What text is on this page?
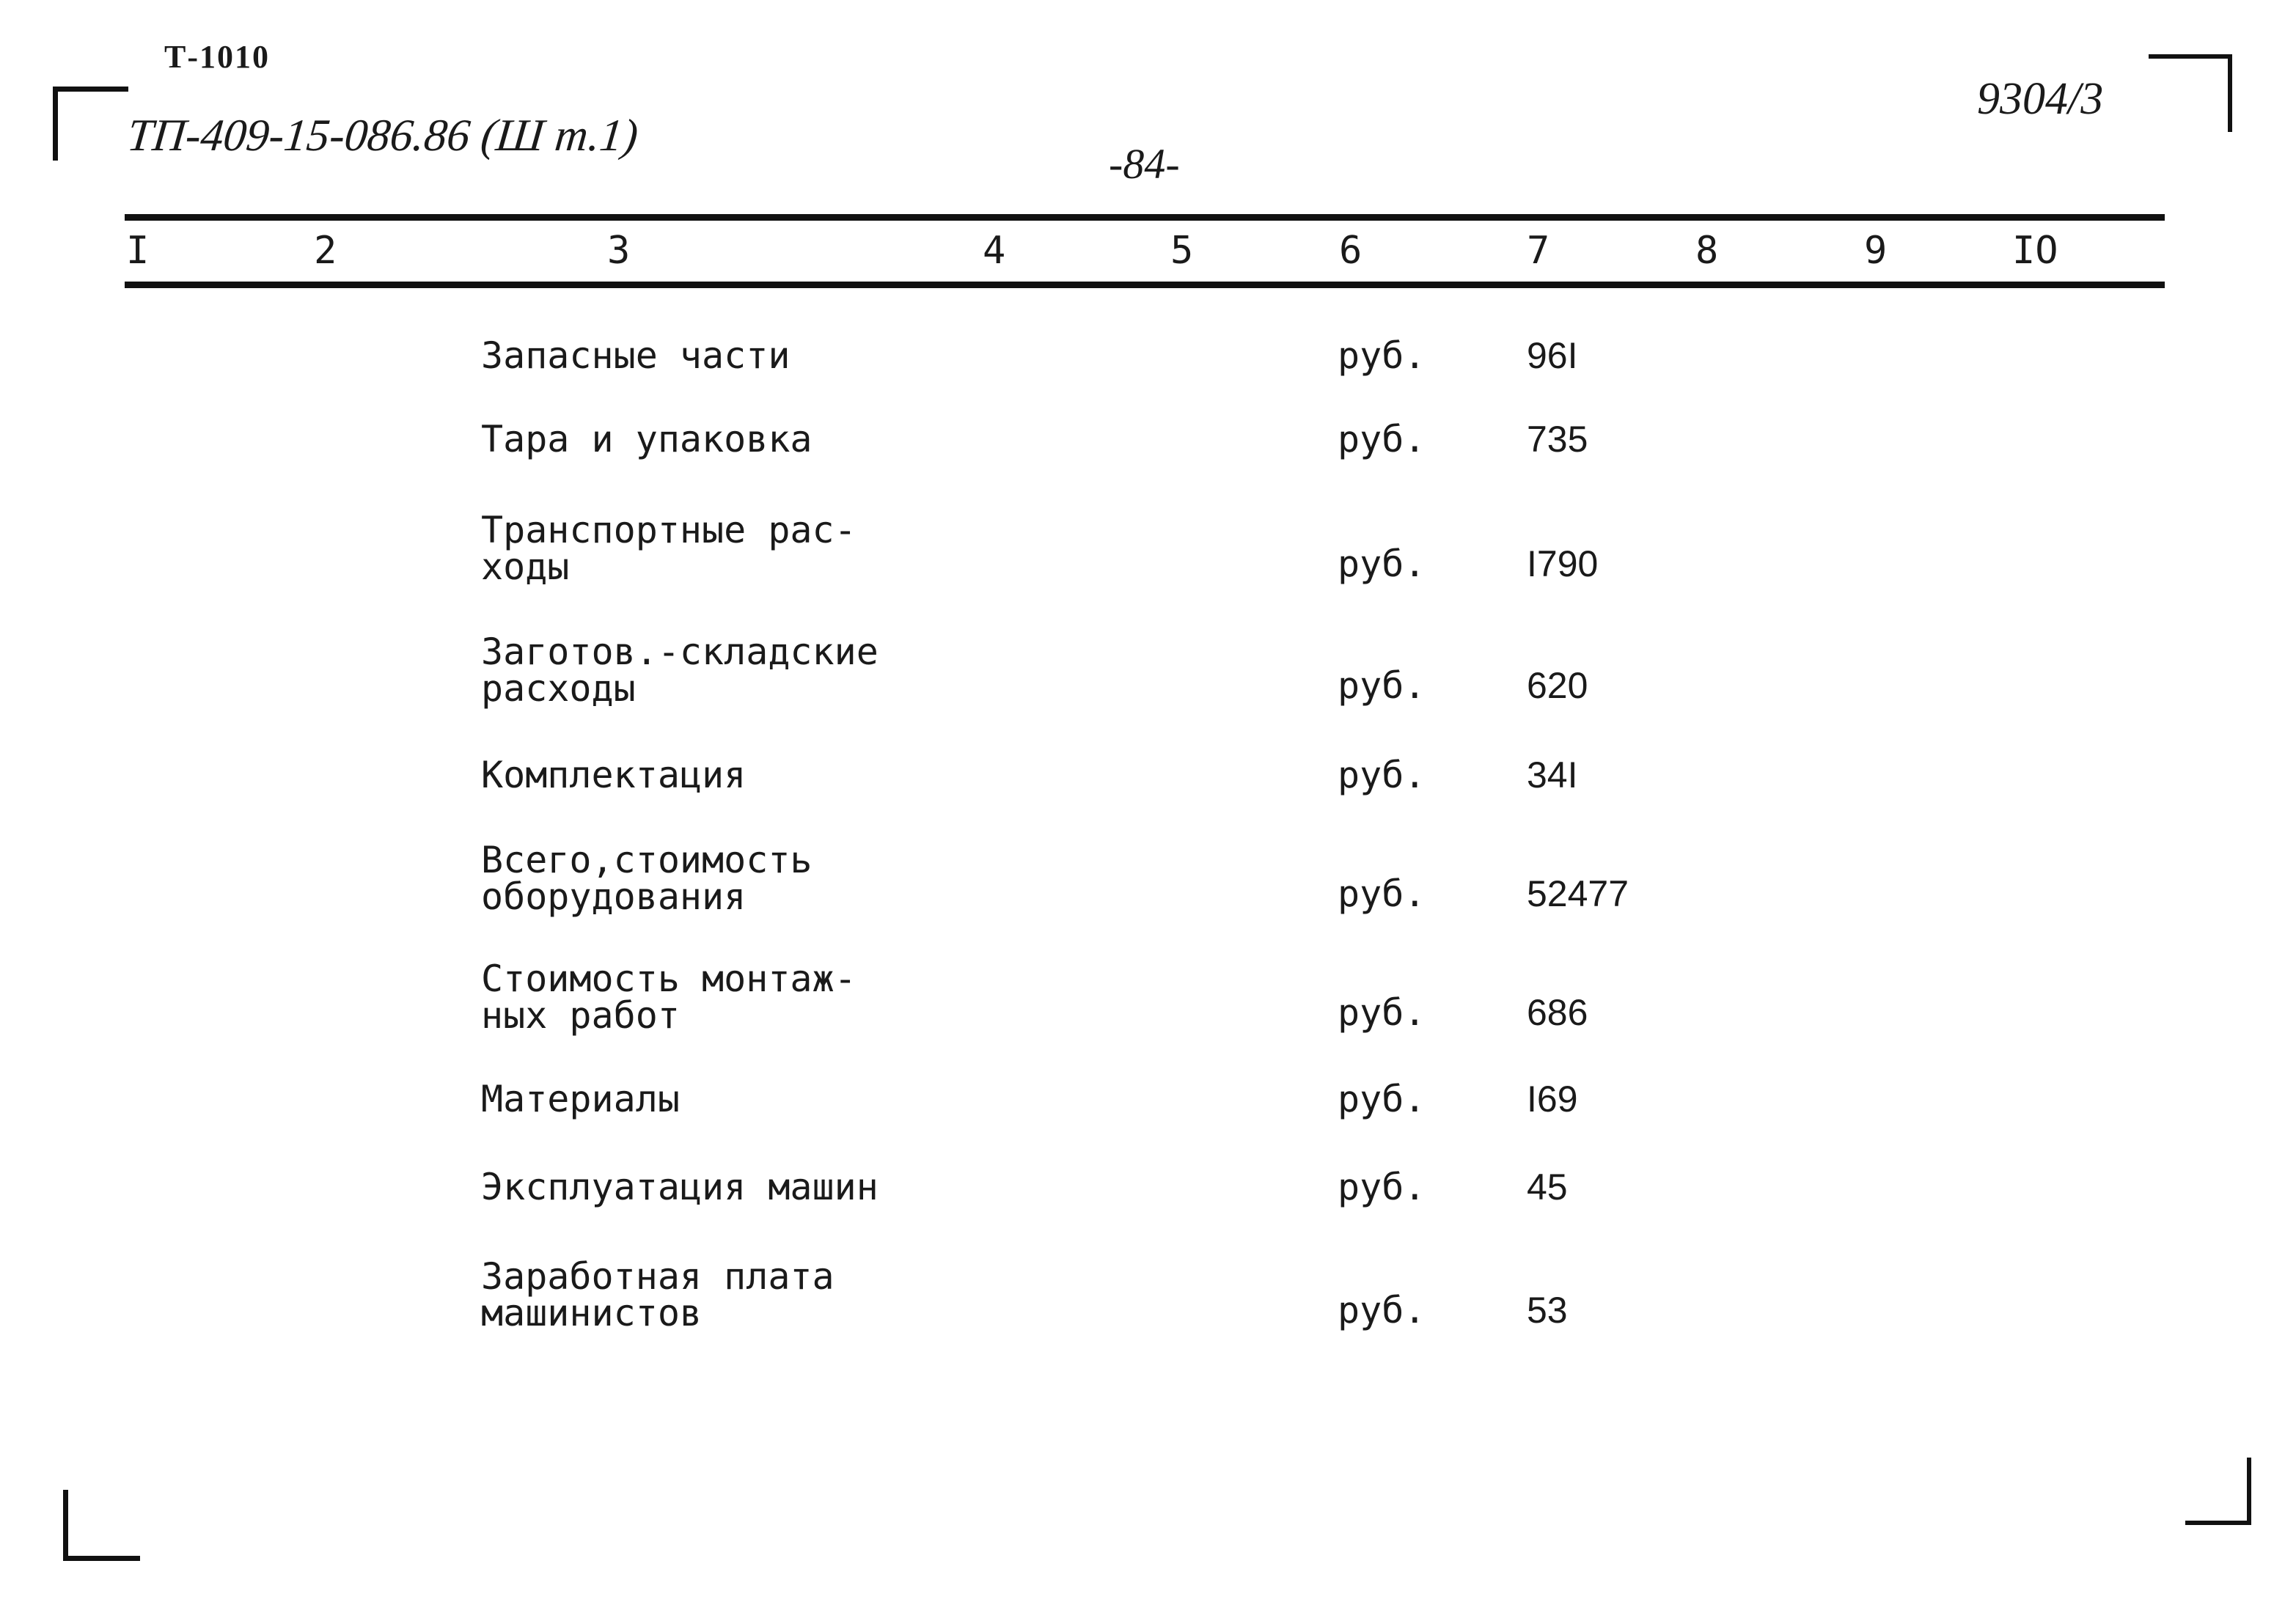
Т-1010
ТП-409-15-086.86 (Ш т.1)
-84-
9304/3
I	2	3	4	5	6	7	8	9	IO
Запасные части	руб.	96I
Тара и упаковка	руб.	735
Транспортные рас-
ходы	руб.	I790
Заготов.-складские
расходы	руб.	620
Комплектация	руб.	34I
Всего,стоимость
оборудования	руб.	52477
Стоимость монтаж-
ных работ	руб.	686
Материалы	руб.	I69
Эксплуатация машин	руб.	45
Заработная плата
машинистов	руб.	53
